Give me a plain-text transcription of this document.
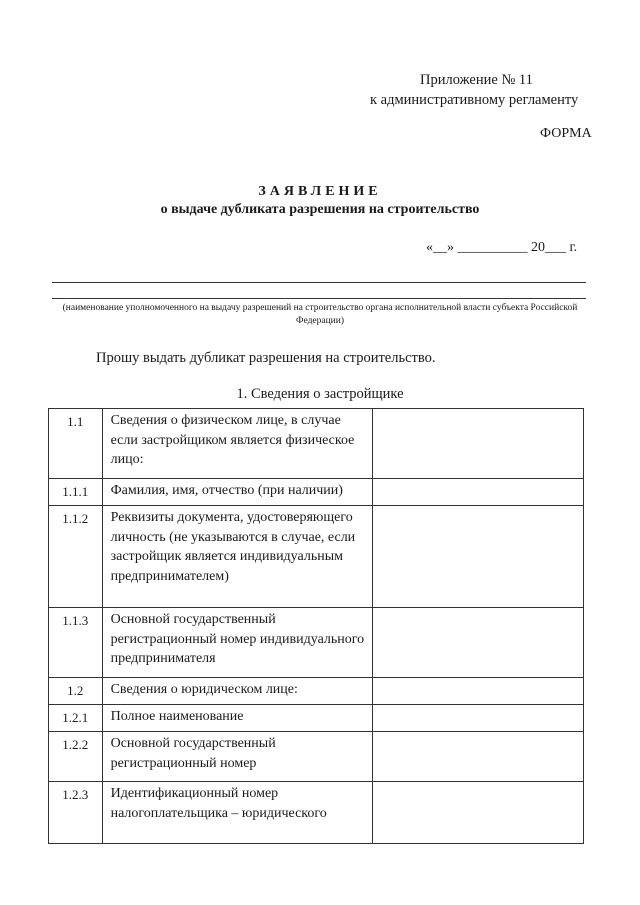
Приложение № 11
к административному регламенту
ФОРМА
ЗАЯВЛЕНИЕ
о выдаче дубликата разрешения на строительство
«__» __________ 20___ г.
(наименование уполномоченного на выдачу разрешений на строительство органа исполнительной власти субъекта Российской Федерации)
Прошу выдать дубликат разрешения на строительство.
1. Сведения о застройщике
1.1	Сведения о физическом лице, в случае если застройщиком является физическое лицо:	
1.1.1	Фамилия, имя, отчество (при наличии)	
1.1.2	Реквизиты документа, удостоверяющего личность (не указываются в случае, если застройщик является индивидуальным предпринимателем)	
1.1.3	Основной государственный регистрационный номер индивидуального предпринимателя	
1.2	Сведения о юридическом лице:	
1.2.1	Полное наименование	
1.2.2	Основной государственный регистрационный номер	
1.2.3	Идентификационный номер налогоплательщика – юридического	
